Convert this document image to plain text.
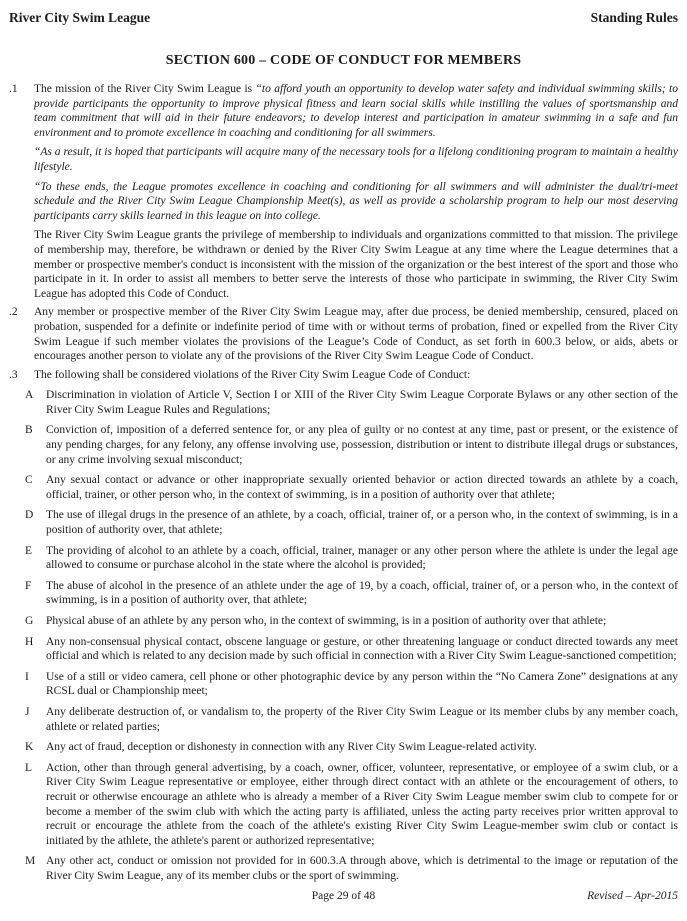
River City Swim League	Standing Rules
SECTION 600 – CODE OF CONDUCT FOR MEMBERS
.1	The mission of the River City Swim League is “to afford youth an opportunity to develop water safety and individual swimming skills; to provide participants the opportunity to improve physical fitness and learn social skills while instilling the values of sportsmanship and team commitment that will aid in their future endeavors; to develop interest and participation in amateur swimming in a safe and fun environment and to promote excellence in coaching and conditioning for all swimmers.

“As a result, it is hoped that participants will acquire many of the necessary tools for a lifelong conditioning program to maintain a healthy lifestyle.

“To these ends, the League promotes excellence in coaching and conditioning for all swimmers and will administer the dual/tri-meet schedule and the River City Swim League Championship Meet(s), as well as provide a scholarship program to help our most deserving participants carry skills learned in this league on into college.

The River City Swim League grants the privilege of membership to individuals and organizations committed to that mission. The privilege of membership may, therefore, be withdrawn or denied by the River City Swim League at any time where the League determines that a member or prospective member's conduct is inconsistent with the mission of the organization or the best interest of the sport and those who participate in it. In order to assist all members to better serve the interests of those who participate in swimming, the River City Swim League has adopted this Code of Conduct.

.2	Any member or prospective member of the River City Swim League may, after due process, be denied membership, censured, placed on probation, suspended for a definite or indefinite period of time with or without terms of probation, fined or expelled from the River City Swim League if such member violates the provisions of the League’s Code of Conduct, as set forth in 600.3 below, or aids, abets or encourages another person to violate any of the provisions of the River City Swim League Code of Conduct.
.3	The following shall be considered violations of the River City Swim League Code of Conduct:
A	Discrimination in violation of Article V, Section I or XIII of the River City Swim League Corporate Bylaws or any other section of the River City Swim League Rules and Regulations;
B	Conviction of, imposition of a deferred sentence for, or any plea of guilty or no contest at any time, past or present, or the existence of any pending charges, for any felony, any offense involving use, possession, distribution or intent to distribute illegal drugs or substances, or any crime involving sexual misconduct;
C	Any sexual contact or advance or other inappropriate sexually oriented behavior or action directed towards an athlete by a coach, official, trainer, or other person who, in the context of swimming, is in a position of authority over that athlete;
D	The use of illegal drugs in the presence of an athlete, by a coach, official, trainer of, or a person who, in the context of swimming, is in a position of authority over, that athlete;
E	The providing of alcohol to an athlete by a coach, official, trainer, manager or any other person where the athlete is under the legal age allowed to consume or purchase alcohol in the state where the alcohol is provided;
F	The abuse of alcohol in the presence of an athlete under the age of 19, by a coach, official, trainer of, or a person who, in the context of swimming, is in a position of authority over, that athlete;
G	Physical abuse of an athlete by any person who, in the context of swimming, is in a position of authority over that athlete;
H	Any non-consensual physical contact, obscene language or gesture, or other threatening language or conduct directed towards any meet official and which is related to any decision made by such official in connection with a River City Swim League-sanctioned competition;
I	Use of a still or video camera, cell phone or other photographic device by any person within the “No Camera Zone” designations at any RCSL dual or Championship meet;
J	Any deliberate destruction of, or vandalism to, the property of the River City Swim League or its member clubs by any member coach, athlete or related parties;
K	Any act of fraud, deception or dishonesty in connection with any River City Swim League-related activity.
L	Action, other than through general advertising, by a coach, owner, officer, volunteer, representative, or employee of a swim club, or a River City Swim League representative or employee, either through direct contact with an athlete or the encouragement of others, to recruit or otherwise encourage an athlete who is already a member of a River City Swim League member swim club to compete for or become a member of the swim club with which the acting party is affiliated, unless the acting party receives prior written approval to recruit or encourage the athlete from the coach of the athlete's existing River City Swim League-member swim club or contact is initiated by the athlete, the athlete's parent or authorized representative;
M Any other act, conduct or omission not provided for in 600.3.A through above, which is detrimental to the image or reputation of the River City Swim League, any of its member clubs or the sport of swimming.
Page 29 of 48	Revised – Apr-2015
